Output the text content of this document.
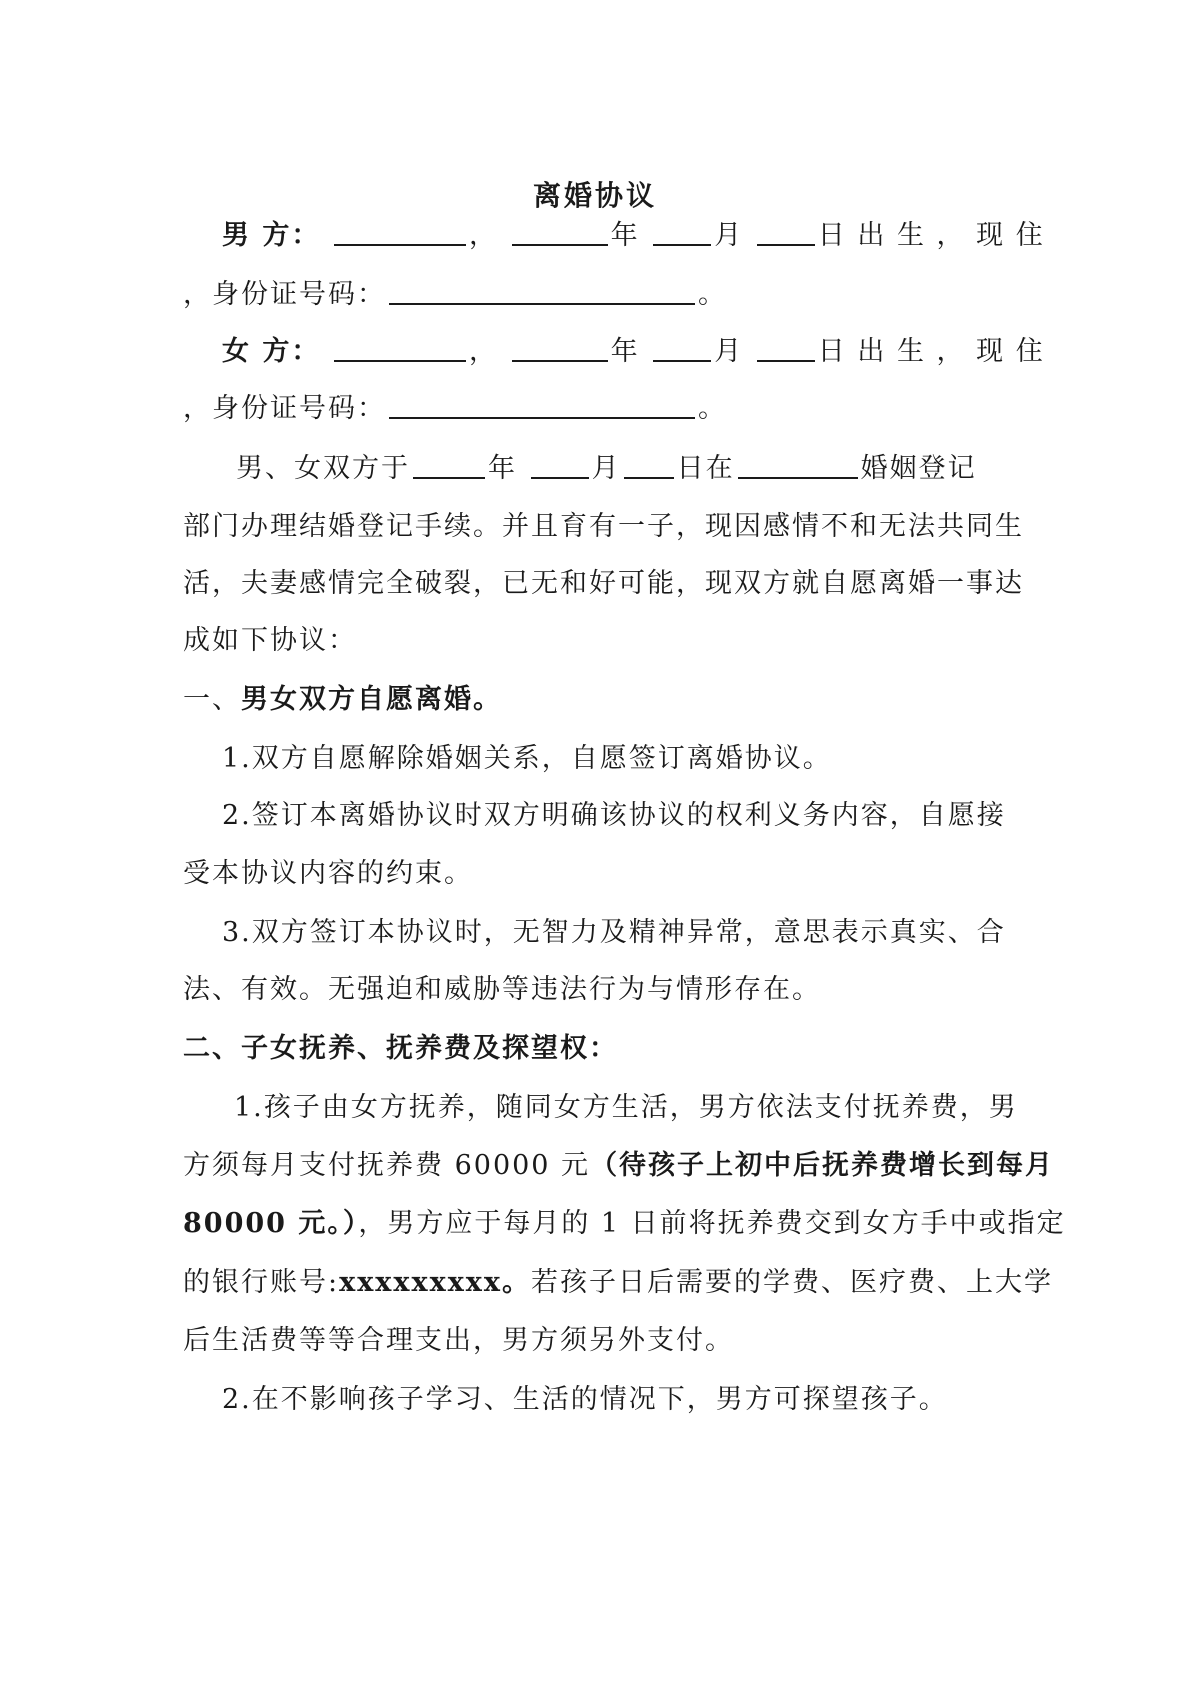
离婚协议
男 方：	，	年	月	日 出 生 ， 现 住
，身份证号码：	。
女 方：	，	年	月	日 出 生 ， 现 住
，身份证号码：	。
男、女双方于	年	月 日在	婚姻登记
部门办理结婚登记手续。并且育有一子，现因感情不和无法共同生
活，夫妻感情完全破裂，已无和好可能，现双方就自愿离婚一事达
成如下协议：
一、男女双方自愿离婚。
1.双方自愿解除婚姻关系，自愿签订离婚协议。
2.签订本离婚协议时双方明确该协议的权利义务内容，自愿接
受本协议内容的约束。
3.双方签订本协议时，无智力及精神异常，意思表示真实、合
法、有效。无强迫和威胁等违法行为与情形存在。
二、子女抚养、抚养费及探望权：
1.孩子由女方抚养，随同女方生活，男方依法支付抚养费，男
方须每月支付抚养费 60000 元（待孩子上初中后抚养费增长到每月
80000 元。），男方应于每月的 1 日前将抚养费交到女方手中或指定
的银行账号:xxxxxxxxx。若孩子日后需要的学费、医疗费、上大学
后生活费等等合理支出，男方须另外支付。
2.在不影响孩子学习、生活的情况下，男方可探望孩子。
